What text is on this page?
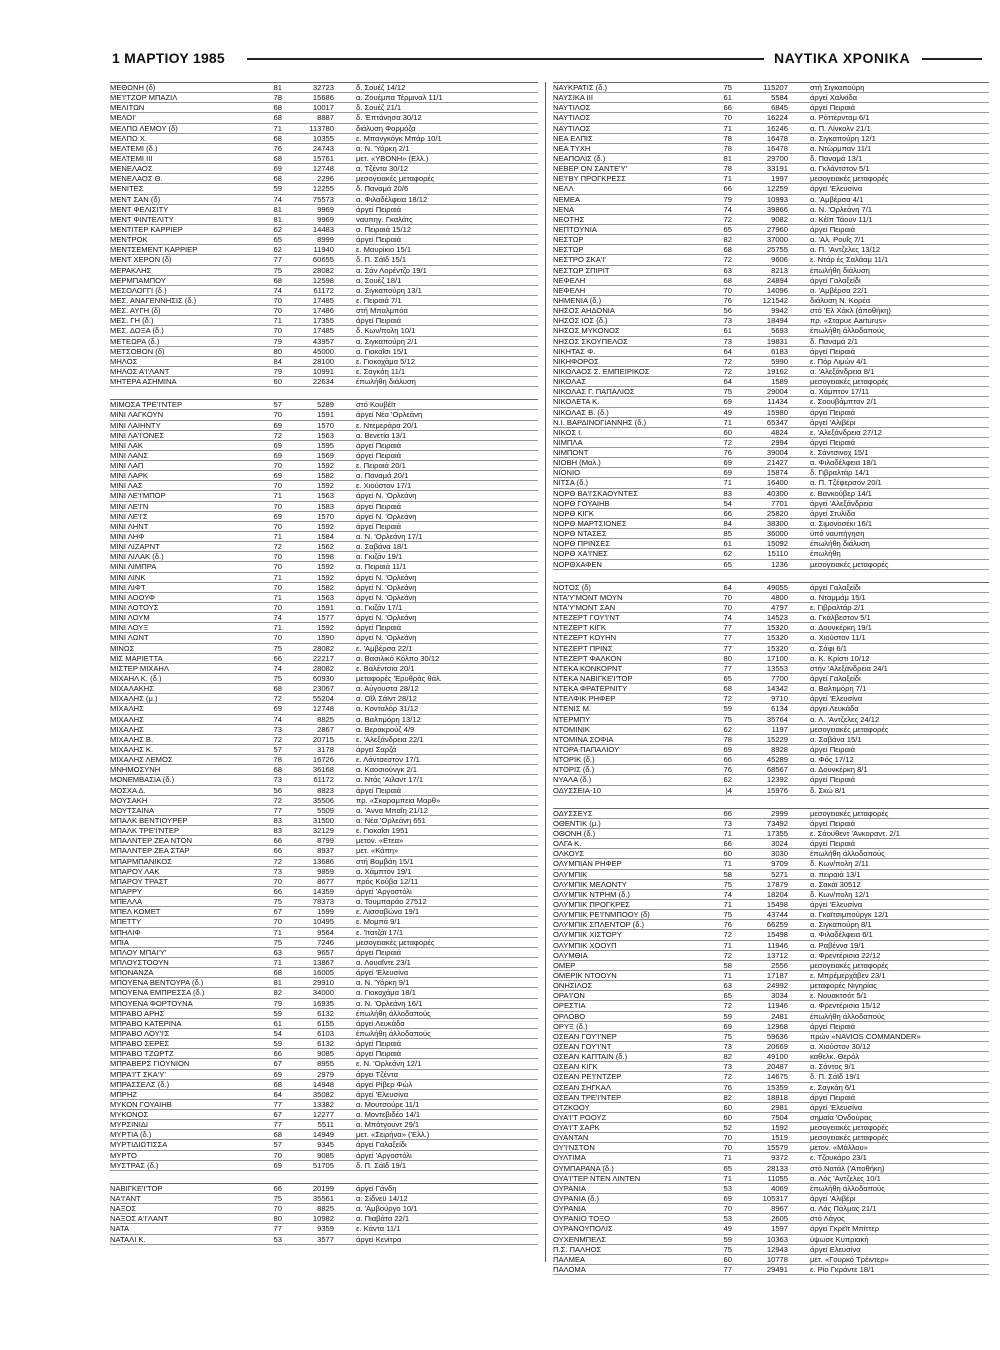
1 ΜΑΡΤΙΟΥ 1985	ΝΑΥΤΙΚΑ ΧΡΟΝΙΚΑ
ΜΕΘΩΝΗ (δ)	81	32723	δ. Σουέζ 14/12
ΜΕ'Ι'ΤΖΟΡ ΜΠΑΖΙΛ	78	15686	α. Ζουέμπα Τέρμιναλ 11/1
ΜΕΛΙΤΩΝ	68	10017	δ. Σουέζ 21/1
ΜΕΛΟΙ'	68	8887	δ. 'Επτάνησα 30/12
ΜΕΛΠΩ ΛΕΜΟΥ (δ)	71	113780	διάλυση Φορμόζα
ΜΕΛΠΩ Χ.	68	10355	ε. Μπανγκόγκ Μπάρ 10/1
ΜΕΛΤΕΜΙ (δ.)	76	24743	α. Ν. 'Υόρκη 2/1
ΜΕΛΤΕΜΙ ΙΙΙ	68	15761	μετ. «ΥΒΟΝΗ» (Ελλ.)
ΜΕΝΕΛΑΟΣ	69	12748	α. Τζέντα 30/12
ΜΕΝΕΛΑΟΣ Θ.	68	2296	μεσογειακές μεταφορές
ΜΕΝΙΤΕΣ	59	12255	δ. Παναμά 20/6
ΜΕΝΤ ΣΑΝ (δ)	74	75573	α. Φιλαδέλφεια 18/12
ΜΕΝΤ ΦΕΛΙΣΙΤΥ	81	9969	άργεί Πειραιά
ΜΕΝΤ ΦΙΝΤΕΛΙΤΥ	81	9969	ναυπηγ. Γκαλάτς
ΜΕΝΤΙΤΕΡ ΚΑΡΡΙΕΡ	62	14483	α. Πειραιά 15/12
ΜΕΝΤΡΟΚ	65	8999	άργεί Πειραιά
ΜΕΝΤΣΕΜΕΝΤ ΚΑΡΡΙΕΡ	62	11940	ε. Μαυρίκιο 15/1
ΜΕΝΤ ΧΕΡΟΝ (δ)	77	60655	δ. Π. Σάϊδ 15/1
ΜΕΡΑΚΛΗΣ	75	28082	α. Σάν Λορέντζο 19/1
ΜΕΡΜΠΑΜΠΟΥ	68	12598	α. Σουέζ 18/1
ΜΕΣΟΛΟΓΓΙ (δ.)	74	61172	α. Σιγκαπούρη 13/1
ΜΕΣ. ΑΝΑΓΕΝΝΗΣΙΣ (δ.)	70	17485	ε. Πειραιά 7/1
ΜΕΣ. ΑΥΓΗ (δ)	70	17486	στή Μπαλμπόα
ΜΕΣ. ΓΗ (δ.)	71	17355	άργεί Πειραιά
ΜΕΣ. ΔΟΞΑ (δ.)	70	17485	δ. Κων/πολη 10/1
ΜΕΤΕΩΡΑ (δ.)	79	43957	α. Σιγκαπούρη 2/1
ΜΕΤΣΟΒΟΝ (δ)	80	45000	α. Γιοκαΐσι 15/1
ΜΗΛΟΣ	84	28100	ε. Γιοκοχάμα 5/12
ΜΗΛΟΣ Α'Ι'ΛΑΝΤ	79	10991	ε. Σαγκάη 11/1
ΜΗΤΕΡΑ ΑΣΗΜΙΝΑ	60	22634	έπωλήθη διάλυση
ΜΙΜΟΣΑ ΤΡΕ'Ι'ΝΤΕΡ	57	5289	στό Κουβέϊτ
ΜΙΝΙ ΛΑΓΚΟΥΝ	70	1591	άργεί Νέα 'Ορλεάνη
ΜΙΝΙ ΛΑΙΗΝΤΥ	69	1570	ε. Ντεμεράρα 20/1
ΜΙΝΙ ΛΑ'Ι'ΟΝΕΣ	72	1563	α. Βενετία 13/1
ΜΙΝΙ ΛΑΚ	69	1595	άργεί Πειραιά
ΜΙΝΙ ΛΑΝΣ	69	1569	άργεί Πειραιά
ΜΙΝΙ ΛΑΠ	70	1592	ε. Πειραιά 20/1
ΜΙΝΙ ΛΑΡΚ	69	1582	α. Παναμά 20/1
ΜΙΝΙ ΛΑΣ	70	1592	ε. Χιούστον 17/1
ΜΙΝΙ ΛΕ'Ι'ΜΠΟΡ	71	1563	άργεί Ν. 'Ορλεάνη
ΜΙΝΙ ΛΕ'Ι'Ν	70	1583	άργεί Πειραιά
ΜΙΝΙ ΛΕ'Ι'Σ	69	1570	άργεί Ν. 'Ορλεάνη
ΜΙΝΙ ΛΗΝΤ	70	1592	άργεί Πειραιά
ΜΙΝΙ ΛΗΦ	71	1584	α. Ν. 'Ορλεάνη 17/1
ΜΙΝΙ ΛΙΖΑΡΝΤ	72	1562	α. Σαβάνα 18/1
ΜΙΝΙ ΛΙΛΑΚ (δ.)	70	1598	α. Γκιζάν 19/1
ΜΙΝΙ ΛΙΜΠΡΑ	70	1592	α. Πειραιά 11/1
ΜΙΝΙ ΛΙΝΚ	71	1592	άργεί Ν. 'Ορλεάνη
ΜΙΝΙ ΛΙΦΤ	70	1582	άργεί Ν. 'Ορλεάνη
ΜΙΝΙ ΛΟΟΥΦ	71	1563	άργεί Ν. 'Ορλεάνη
ΜΙΝΙ ΛΟΤΟΥΣ	70	1591	α. Γκιζάν 17/1
ΜΙΝΙ ΛΟΥΜ	74	1577	άργεί Ν. 'Ορλεάνη
ΜΙΝΙ ΛΟΥΞ	71	1592	άργεί Πειραιά
ΜΙΝΙ ΛΩΝΤ	70	1590	άργεί Ν. 'Ορλεάνη
ΜΙΝΩΣ	75	28082	ε. 'Αμβέρσα 22/1
ΜΙΣ ΜΑΡΙΕΤΤΑ	66	22217	α. Βασιλικό Κόλπο 30/12
ΜΙΣΤΕΡ ΜΙΧΑΗΛ	74	28082	ε. Βαλέντσια 20/1
ΜΙΧΑΗΛ Κ. (δ.)	75	60930	μεταφορές 'Ερυθράς θάλ.
ΜΙΧΑΛΑΚΗΣ	68	23067	α. Αύγουστα 28/12
ΜΙΧΑΛΗΣ (μ.)	72	55204	α. Οΐλ Σάϊντ 28/12
ΜΙΧΑΛΗΣ	69	12748	α. Κονταλόρ 31/12
ΜΙΧΑΛΗΣ	74	8825	α. Βαλτιμόρη 13/12
ΜΙΧΑΛΗΣ	73	2867	α. Βερακρούζ 4/9
ΜΙΧΑΛΗΣ Β.	72	20715	ε. 'Αλεξάνδρεια 22/1
ΜΙΧΑΛΗΣ Κ.	57	3178	άργεί Σαρζά
ΜΙΧΑΛΗΣ ΛΕΜΟΣ	78	16726	ε. Λάντσεστον 17/1
ΜΝΗΜΟΣΥΝΗ	68	36168	α. Καοσιούνγκ 2/1
ΜΟΝΕΜΒΑΣΙΑ (δ.)	73	61172	α. Ντάς 'Αϊλαντ 17/1
ΜΟΣΧΑ Δ.	56	8823	άργεί Πειραιά
ΜΟΥΣΑΚΗ	72	35506	πρ. «Σκαραμπεια Μαρθ»
ΜΟΥΤΣΑΙΝΑ	77	5509	α. 'Αννα Μπαΐη 21/12
ΜΠΑΛΚ ΒΕΝΤΙΟΥΡΕΡ	83	31500	α. Νέα 'Ορλεάνη 651
ΜΠΑΛΚ ΤΡΕ'Ι'ΝΤΕΡ	83	32129	ε. Γιοκαΐσι 1951
ΜΠΑΛΝΤΕΡ ΖΕΑ ΝΤΟΝ	66	8799	μετον. «Ετεα»
ΜΠΑΛΝΤΕΡ ΖΕΑ ΣΤΑΡ	66	8937	μετ. «Κάπη»
ΜΠΑΡΜΠΑΝΙΚΟΣ	72	13686	στή Βομβάη 15/1
ΜΠΑΡΟΥ ΛΑΚ	73	9859	α. Χάμπτον 19/1
ΜΠΑΡΟΥ ΤΡΑΣΤ	70	8677	πρός Κούβα 12/11
ΜΠΑΡΡΥ	66	14359	άργεί 'Αργοστόλι
ΜΠΕΛΛΑ	75	78373	α. Τουμπαράο 27512
ΜΠΕΛ ΚΟΜΕΤ	67	1599	ε. Λισσαβώνα 19/1
ΜΠΕΤΤΥ	70	10495	ε. Μομπά 9/1
ΜΠΗΛΙΦ	71	9564	ε. 'Ιτατζάϊ 17/1
ΜΠΙΑ	75	7246	μεσογειακές μεταφορές
ΜΠΛΟΥ ΜΠΑΙ'Υ'	63	9657	άργεί Πειραιά
ΜΠΛΟΥΣΤΟΟΥΝ	71	13867	α. Λουαΐντε 23/1
ΜΠΟΝΑΝΖΑ	68	16005	άργεί 'Ελευσίνα
ΜΠΟΥΕΝΑ ΒΕΝΤΟΥΡΑ (δ.)	81	29910	α. Ν. 'Υόρκη 9/1
ΜΠΟΥΕΝΑ ΕΜΠΡΕΣΣΑ (δ.)	82	34000	α. Γιοκοχάμα 18/1
ΜΠΟΥΕΝΑ ΦΟΡΤΟΥΝΑ	79	16935	α. Ν. 'Ορλεάνη 16/1
ΜΠΡΑΒΟ ΑΡΗΣ	59	6132	έπωλήθη άλλοδαπούς
ΜΠΡΑΒΟ ΚΑΤΕΡΙΝΑ	61	6155	άργεί Λευκάδα
ΜΠΡΑΒΟ ΛΟΥ'Ι'Σ	54	6103	έπωλήθη άλλοδαπούς
ΜΠΡΑΒΟ ΣΕΡΕΣ	59	6132	άργεί Πειραιά
ΜΠΡΑΒΟ ΤΖΩΡΤΖ	66	9085	άργεί Πειραιά
ΜΠΡΑΒΕΡΣ ΓΙΟΥΝΙΟΝ	67	8955	ε. Ν. 'Ορλεάνη 12/1
ΜΠΡΑ'Ι'Τ ΣΚΑ'Υ'	69	2979	άργεί Τζέντα
ΜΠΡΑΣΣΕΛΣ (δ.)	68	14948	άργεί Ρίβερ Φώλ
ΜΠΡΗΖ	64	35082	άργεί 'Ελευσίνα
ΜΥΚΟΝ ΓΟΥΑΙΗΒ	77	13382	α. Μουτσούρε 11/1
ΜΥΚΟΝΟΣ	67	12277	α. Μοντεβιδέο 14/1
ΜΥΡΣΙΝΙΔΙ	77	5511	α. Μπότγουντ 29/1
ΜΥΡΤΙΑ (δ.)	68	14949	μετ. «Σειρήνα» ('Ελλ.)
ΜΥΡΤΙΔΙΩΤΙΣΣΑ	57	9345	άργεί Γαλαξείδι
ΜΥΡΤΟ	70	9085	άργεί 'Αργοστόλι
ΜΥΣΤΡΑΣ (δ.)	69	51705	δ. Π. Σάϊδ 19/1
ΝΑΒΙΓΚΕ'Ι'ΤΟΡ	66	20199	άργεί Γάνδη
ΝΑ'Ι'ΑΝΤ	75	35561	α. Σίδνεϋ 14/12
ΝΑΞΟΣ	70	8825	α. 'Αμβούργο 10/1
ΝΑΞΟΣ Α'Ι'ΛΑΝΤ	80	10982	α. Πιαβάτα 22/1
ΝΑΤΑ	77	9359	ε. Κάντα 11/1
ΝΑΤΑΛΙ Κ.	53	3577	άργεί Κενίτρα
ΝΑΥΚΡΑΤΙΣ (δ.)	75	115207	στή Σιγκαπούρη
ΝΑΥΣΙΚΑ ΙΙΙ	61	5584	άργεί Χαλκίδα
ΝΑΥΤΙΛΟΣ	66	6845	άργεί Πειραιά
ΝΑΥΤΙΛΟΣ	70	16224	α. Ρόττερνταμ 6/1
ΝΑΥΤΙΛΟΣ	71	16246	α. Π. Λίνκολν 21/1
ΝΕΑ ΕΛΠΙΣ	78	16478	α. Σιγκαπούρη 12/1
ΝΕΑ ΤΥΧΗ	78	16478	α. Ντώρμπαν 11/1
ΝΕΑΠΟΛΙΣ (δ.)	81	29700	δ. Παναμά 13/1
ΝΕΒΕΡ ΟΝ ΣΑΝΤΕ'Υ'	78	33191	α. Γκλάντστον 5/1
ΝΕ'Ι'ΒΥ ΠΡΟΓΚΡΕΣΣ	71	1997	μεσογειακές μεταφορές
ΝΕΛΛ	66	12259	άργεί 'Ελευσίνα
ΝΕΜΕΑ	79	10993	α. 'Αμβέρσα 4/1
ΝΕΝΑ	74	39866	α. Ν. 'Ορλεάνη 7/1
ΝΕΟΤΗΣ	72	9082	α. Κέϊπ Τάουν 11/1
ΝΕΠΤΟΥΝΙΑ	65	27960	άργεί Πειραιά
ΝΕΣΤΩΡ	82	37000	α. 'Αλ. Ρουΐς 7/1
ΝΕΣΤΩΡ	68	25755	α. Π. 'Αντζελες 13/12
ΝΕΣΤΡΟ ΣΚΑ'Ι'	72	9606	ε. Ντάρ ές Σαλάαμ 11/1
ΝΕΣΤΩΡ ΣΠΙΡΙΤ	63	8213	έπωλήθη διάλυση
ΝΕΦΕΛΗ	68	24894	άργεί Γαλαξείδι
ΝΕΦΕΛΗ	70	14096	α. 'Αμβέρσα 22/1
ΝΗΜΕΝΙΑ (δ.)	76	121542	διάλυση Ν. Κορέα
ΝΗΣΟΣ ΑΗΔΟΝΙΑ	56	9942	στό 'Ελ Χάκλ (άποθήκη)
ΝΗΣΟΣ ΙΟΣ (δ.)	73	18494	πρ. «Σταρυε Aarturus»
ΝΗΣΟΣ ΜΥΚΟΝΟΣ	61	5693	έπωλήθη άλλοδαπούς
ΝΗΣΟΣ ΣΚΟΥΠΕΛΟΣ	73	19831	δ. Παναμά 2/1
ΝΙΚΗΤΑΣ Φ.	64	6183	άργεί Πειραιά
ΝΙΚΗΦΟΡΟΣ	72	5990	ε. Πόρ Λιμών 4/1
ΝΙΚΟΛΑΟΣ Σ. ΕΜΠΕΙΡΙΚΟΣ	72	19162	α. 'Αλεξάνδρεια 8/1
ΝΙΚΟΛΑΣ	64	1589	μεσογειακές μεταφορές
ΝΙΚΟΛΑΣ Γ. ΠΑΠΑΛΙΟΣ	75	29004	α. Χάμπτον 17/11
ΝΙΚΟΛΕΤΑ Κ.	69	11434	ε. Σοουβάμπτον 2/1
ΝΙΚΟΛΑΣ Β. (δ.)	49	15980	άργεί Πειραιά
Ν.Ι. ΒΑΡΔΙΝΟΓΙΑΝΝΗΣ (δ.)	71	65347	άργεί 'Αλιβέρι
ΝΙΚΟΣ Ι.	60	4824	ε. 'Αλεξάνδρεια 27/12
ΝΙΜΠΛΑ	72	2994	άργεί Πειραιά
ΝΙΜΠΟΝΤ	76	39004	ε. Σάντσινοχ 15/1
ΝΙΟΒΗ (Μαλ.)	69	21427	α. Φιλαδέλφεια 18/1
ΝΙΟΝΙΟ	69	15874	δ. Γιβραλτάρ 14/1
ΝΙΤΣΑ (δ.)	71	16400	α. Π. Τζέφερσον 20/1
ΝΟΡΘ ΒΑ'Ι'ΣΚΑΟΥΝΤΕΣ	83	40300	ε. Βανκούβερ 14/1
ΝΟΡΘ ΓΟΥΑΙΗΒ	54	7701	άργεί 'Αλεξάνδρεια
ΝΟΡΘ ΚΙΓΚ	66	25820	άργεί Στυλίδα
ΝΟΡΘ ΜΑΡΤΣΙΟΝΕΣ	84	38300	α. Σιμονοσέκι 16/1
ΝΟΡΘ ΝΤΑΣΕΣ	85	36000	ύπό ναυπήγηση
ΝΟΡΘ ΠΡΙΝΣΕΣ	61	15092	έπωλήθη διάλυση
ΝΟΡΘ ΧΑ'Ι'ΝΕΣ	62	15110	έπωλήθη
ΝΟΡΘΧΑΦΕΝ	65	1236	μεσογειακές μεταφορές
ΝΟΤΟΣ (δ)	64	49055	άργεί Γαλαξείδι
ΝΤΑ'Υ'ΜΟΝΤ ΜΟΥΝ	70	4800	α. Νταμμάμ 15/1
ΝΤΑ'Υ'ΜΟΝΤ ΣΑΝ	70	4797	ε. Γιβραλτάρ 2/1
ΝΤΕΖΕΡΤ ΓΟΥ'Ι'ΝΤ	74	14523	α. Γκάλβεστον 5/1
ΝΤΕΖΕΡΤ ΚΙΓΚ	77	15320	α. Δουνκέρκη 19/1
ΝΤΕΖΕΡΤ ΚΟΥΗΝ	77	15320	α. Χιούστον 11/1
ΝΤΕΖΕΡΤ ΠΡΙΝΣ	77	15320	α. Σάφι 6/1
ΝΤΕΖΕΡΤ ΦΑΛΚΟΝ	80	17100	α. Κ. Κρίστι 10/12
ΝΤΕΚΑ ΚΟΝΚΟΡΝΤ	77	13553	στήν 'Αλεξάνδρεια 24/1
ΝΤΕΚΑ ΝΑΒΙΓΚΕ'Ι'ΤΟΡ	65	7700	άργεί Γαλαξείδι
ΝΤΕΚΑ ΦΡΑΤΕΡΝΙΤΥ	68	14342	α. Βαλτιμόρη 7/1
ΝΤΕΛΦΙΚ ΡΗΦΕΡ	72	9710	άργεί 'Ελευσίνα
ΝΤΕΝΙΣ Μ.	59	6134	άργεί Λευκάδα
ΝΤΕΡΜΠΥ	75	35764	α. Λ. 'Αντζελες 24/12
ΝΤΟΜΙΝΙΚ	62	1197	μεσογειακές μεταφορές
ΝΤΟΜΙΝΑ ΣΟΦΙΑ	78	15229	α. Σαβάνα 15/1
ΝΤΟΡΑ ΠΑΠΑΛΙΟΥ	69	8928	άργεί Πειραιά
ΝΤΟΡΙΚ (δ.)	66	45289	α. Φός 17/12
ΝΤΟΡΙΣ (δ.)	76	68567	α. Δουνκέρκη 8/1
ΝΥΑΛΑ (δ.)	62	12392	άργεί Πειραιά
ΟΔΥΣΣΕΙΑ-10	)4	15976	δ. Σκώ 8/1
ΟΔΥΣΣΕΥΣ	66	2999	μεσογειακές μεταφορές
ΟΘΕΝΤΙΚ (μ.)	73	73492	άργεί Πειραιά
ΟΘΟΝΗ (δ.)	71	17355	ε. Σάουθεντ 'Ανκοραντ. 2/1
ΟΛΓΑ Κ.	66	3024	άργεί Πειραιά
ΟΛΚΟΥΣ	60	3030	έπωλήθη άλλοδαπούς
ΟΛΥΜΠΙΑΝ ΡΗΦΕΡ	71	9709	δ. Κων/πολη 2/11
ΟΛΥΜΠΙΚ	58	5271	α. πειραιά 13/1
ΟΛΥΜΠΙΚ ΜΕΛΟΝΤΥ	75	17879	α. Σακάϊ 30512
ΟΛΥΜΠΙΚ ΝΤΡΗΜ (δ.)	74	18204	δ. Κων/πολη 12/1
ΟΛΥΜΠΙΚ ΠΡΟΓΚΡΕΣ	71	15498	άργεί 'Ελευσίνα
ΟΛΥΜΠΙΚ ΡΕ'Ι'ΝΜΠΟΟΥ (δ)	75	43744	α. Γκαϊτσιμπούργκ 12/1
ΟΛΥΜΠΙΚ ΣΠΛΕΝΤΟΡ (δ.)	76	66259	α. Σιγκαπούρη 8/1
ΟΛΥΜΠΙΚ ΧΙΣΤΟΡΥ	72	15498	α. Φιλαδέλφεια 6/1
ΟΛΥΜΠΙΚ ΧΟΟΥΠ	71	11946	α. Ραβέννα 19/1
ΟΛΥΜΘΙΑ	72	13712	α. Φρεντέρισια 22/12
ΟΜΕΡ	58	2556	μεσογειακές μεταφορές
ΟΜΕΡΙΚ ΝΤΟΟΥΝ	71	17187	ε. Μπρέμερχάβεν 23/1
ΟΝΗΣΙΛΟΣ	63	24992	μεταφορές Νιγηρίας
ΟΡΑ'Ι'ΟΝ	65	3034	ε. Νουακτσότ 5/1
ΟΡΕΣΤΙΑ	72	11946	α. Φρεντέρισια 15/12
ΟΡΛΟΒΟ	59	2481	έπωλήθη άλλοδαπούς
ΟΡΥΞ (δ.)	69	12968	άργεί Πειραιά
ΟΣΕΑΝ ΓΟΥ'Ι'ΝΕΡ	75	59636	πρών «NAVIOS COMMANDER»
ΟΣΕΑΝ ΓΟΥ'Ι'ΝΤ	73	20669	α. Χιούστον 30/12
ΟΣΕΑΝ ΚΑΠΤΑΙΝ (δ.)	82	49100	καθελκ. Θερόλ
ΟΣΕΑΝ ΚΙΓΚ	73	20487	α. Σάντος 9/1
ΟΣΕΑΝ ΡΕ'Ι'ΝΤΖΕΡ	72	14675	δ. Π. Σάϊδ 19/1
ΟΣΕΑΝ ΣΗΓΚΑΛ	76	15359	ε. Σαγκάη 6/1
ΟΣΕΑΝ ΤΡΕ'Ι'ΝΤΕΡ	82	18818	άργεί Πειραιά
ΟΤΖΚΟΟΥ	60	2981	άργεί 'Ελευσίνα
ΟΥΑ'Ι'Τ ΡΟΟΥΖ	60	7504	σημαία 'Ονδούρας
ΟΥΑ'Ι'Τ ΣΑΡΚ	52	1592	μεσογειακές μεταφορές
ΟΥΑΝΤΑΝ	70	1519	μεσογειακές μεταφορές
ΟΥ'Ι'ΝΣΤΟΝ	70	15579	μετον. «Μάλλου»
ΟΥΛΤΙΜΑ	71	9372	ε. Τζουκάρο 23/1
ΟΥΜΠΑΡΑΝΑ (δ.)	65	28133	στό Νατάλ ('Αποθήκη)
ΟΥΑ'Ι'ΤΕΡ ΝΤΕΝ ΛΙΝΤΕΝ	71	11055	α. Λός 'Αντζελες 10/1
ΟΥΡΑΝΙΑ	53	4069	έπωλήθη άλλοδαπούς
ΟΥΡΑΝΙΑ (δ.)	69	105317	άργεί 'Αλιβέρι
ΟΥΡΑΝΙΑ	70	8967	α. Λάς Πάλμας 21/1
ΟΥΡΑΝΙΟ ΤΟΞΟ	53	2605	στό Λάγος
ΟΥΡΑΝΟΥΠΟΛΙΣ	49	1597	άργεί Γκρέϊτ Μπίττερ
ΟΥΧΕΝΜΠΕΛΣ	59	10363	ύψωσε Κυπριακή
Π.Σ. ΠΑΛΗΟΣ	75	12943	άργεί Ελευσίνα
ΠΑΛΜΕΑ	60	10778	μετ. «Γουρκό Τρέιντερ»
ΠΑΛΟΜΑ	77	29491	ε. Ρίο Γκράντε 18/1
